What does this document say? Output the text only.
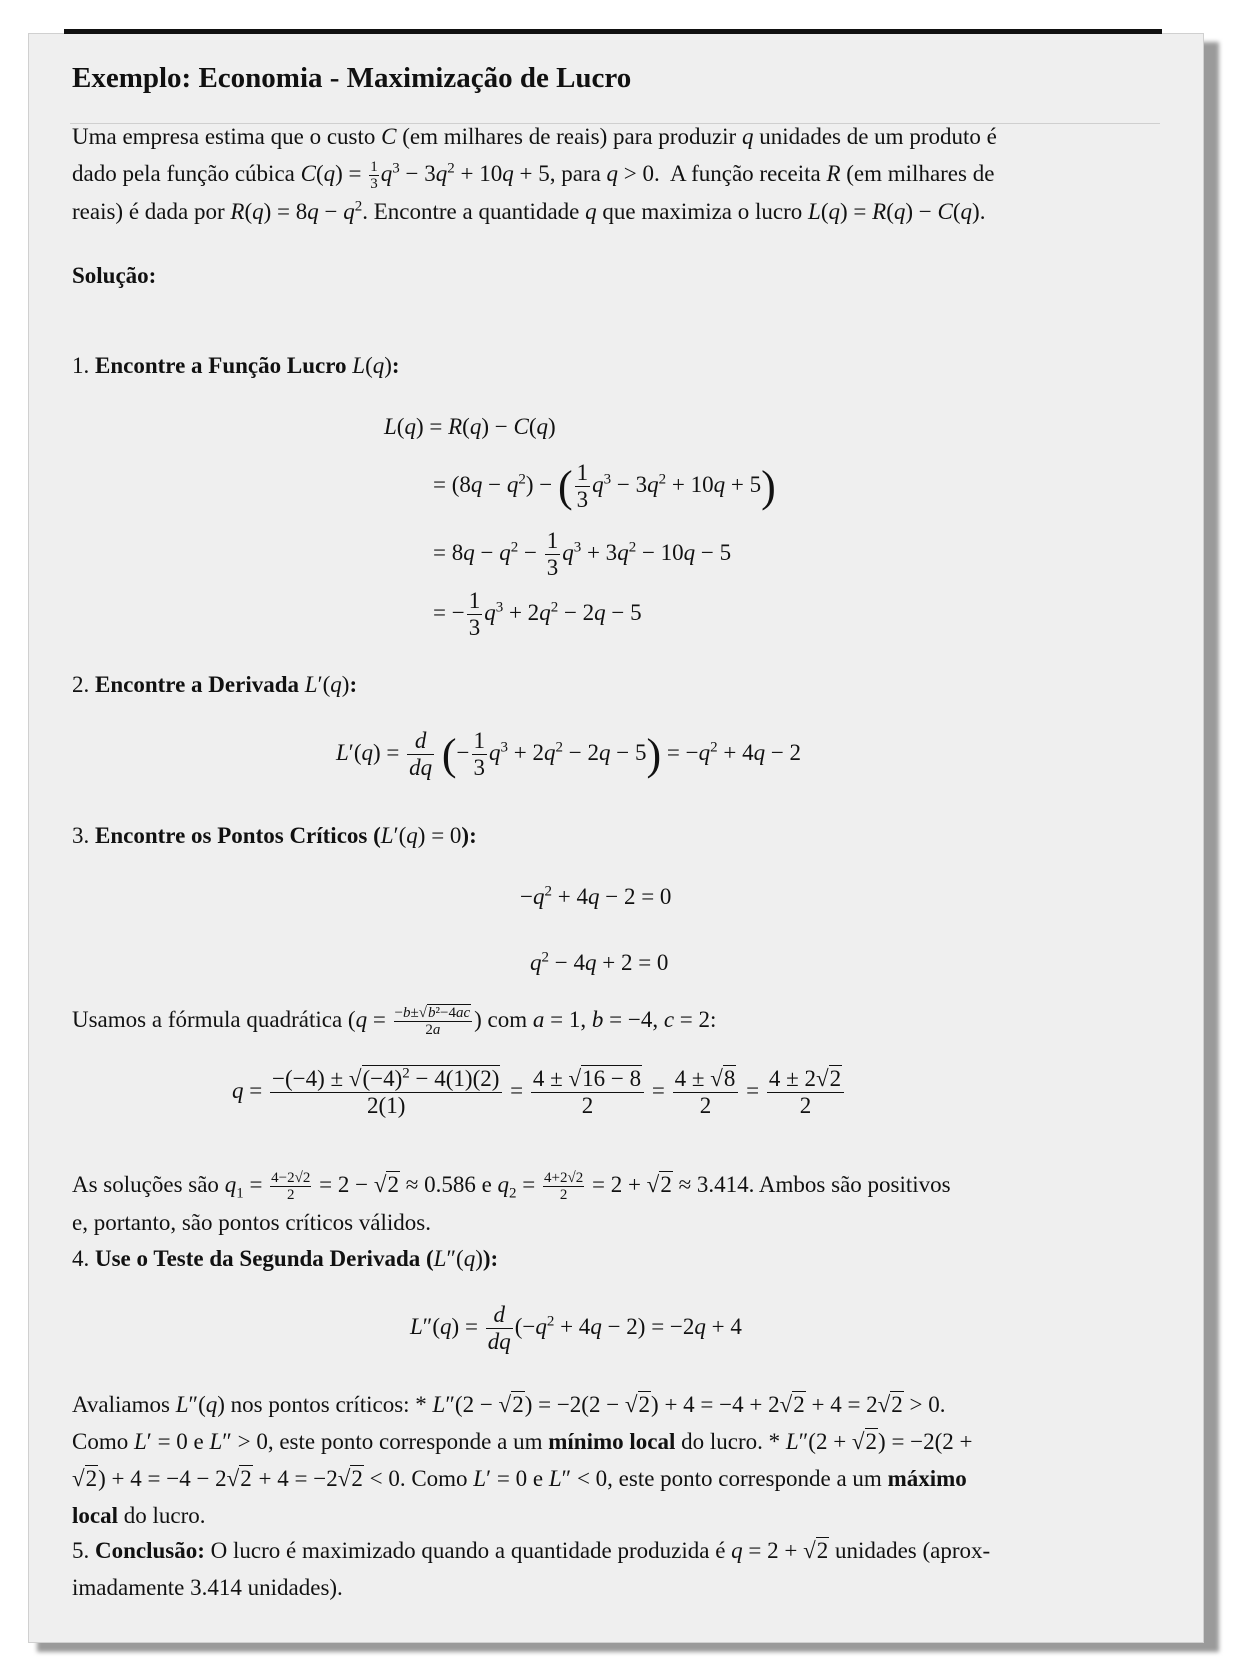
Exemplo: Economia - Maximização de Lucro

Uma empresa estima que o custo C (em milhares de reais) para produzir q unidades de um produto é
dado pela função cúbica $C(q) = \frac{1}{3} q^3 - 3q^2 + 10q + 5$, para q > 0.  A função receita R (em milhares de
reais) é dada por $R(q) = 8q - q^2$. Encontre a quantidade q que maximiza o lucro L(q) = R(q) − C(q).

Solução:

1. Encontre a Função Lucro L(q):

L(q) = R(q) − C(q)
= $(8q - q^2)$ − ( $\frac{1}{3} q^3 - 3q^2 + 10q + 5$)
= $8q - q^2 - \frac{1}{3} q^3 + 3q^2 - 10q - 5$
= − $\frac{1}{3} q^3 + 2q^2 - 2q - 5$

2. Encontre a Derivada L′(q):

$L'(q) = \frac{d}{dq}$ (− $\frac{1}{3} q^3 + 2q^2 - 2q - 5) = -q^2 + 4q - 2$

3. Encontre os Pontos Críticos (L′(q) = 0):

$-q^2 + 4q - 2 = 0$
$q^2 - 4q + 2 = 0$

Usamos a fórmula quadrática ($q = \frac{\text{−b±√b²−4ac}}{2a}$ ) com a = 1, b = −4, c = 2:

$q = \frac{-(-4) \pm √(-4)^2 - 4(1)(2)}{2(1)} = \frac{4 \pm √16 - 8}{2} = \frac{4 \pm √8}{2} = \frac{4 \pm 2√2}{2}$

As soluções são $q_1 = \frac{4-2√2}{2} = 2 - √2 \approx 0.586$ e $q_2 = \frac{4+2√2}{2} = 2 + √2 \approx 3.414$. Ambos são positivos
e, portanto, são pontos críticos válidos.

4. Use o Teste da Segunda Derivada (L″(q)):

$L''(q) = \frac{d}{dq} (-q^2 + 4q - 2) = -2q + 4$

Avaliamos L″(q) nos pontos críticos: * L″(2 − √2) = −2(2 − √2) + 4 = −4 + 2√2 + 4 = 2√2 > 0.
Como L′ = 0 e L″ > 0, este ponto corresponde a um mínimo local do lucro. * L″(2 + √2) = −2(2 +
√2) + 4 = −4 − 2√2 + 4 = −2√2 < 0. Como L′ = 0 e L″ < 0, este ponto corresponde a um máximo
local do lucro.

5. Conclusão: O lucro é maximizado quando a quantidade produzida é q = 2 + √2 unidades (aprox-
imadamente 3.414 unidades).
